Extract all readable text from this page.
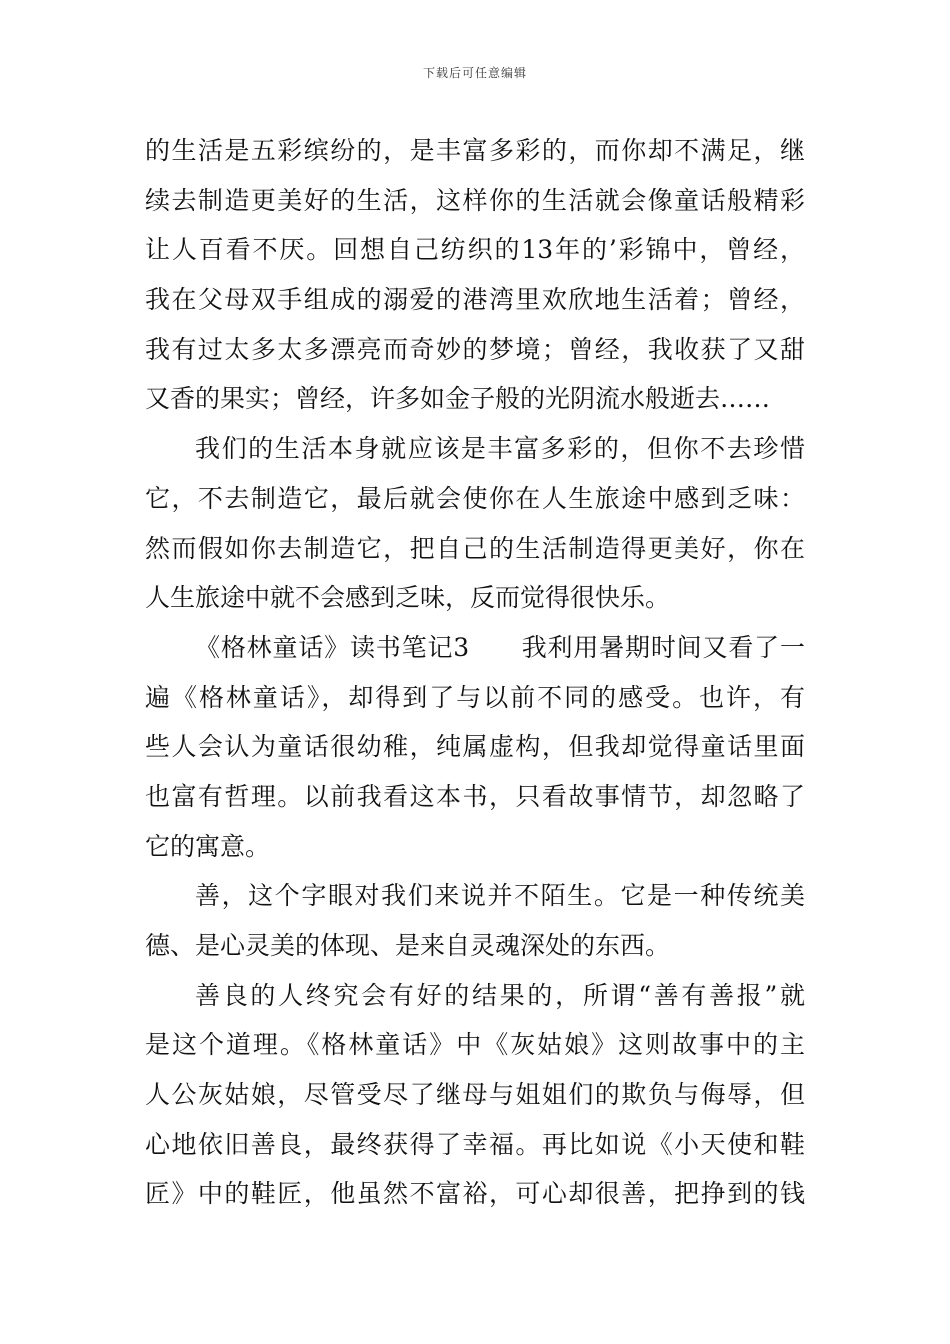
下载后可任意编辑
的生活是五彩缤纷的，是丰富多彩的，而你却不满足，继
续去制造更美好的生活，这样你的生活就会像童话般精彩
让人百看不厌。回想自己纺织的13年的’彩锦中，曾经，
我在父母双手组成的溺爱的港湾里欢欣地生活着；曾经，
我有过太多太多漂亮而奇妙的梦境；曾经，我收获了又甜
又香的果实；曾经，许多如金子般的光阴流水般逝去……
我们的生活本身就应该是丰富多彩的，但你不去珍惜
它，不去制造它，最后就会使你在人生旅途中感到乏味：
然而假如你去制造它，把自己的生活制造得更美好，你在
人生旅途中就不会感到乏味，反而觉得很快乐。
《格林童话》读书笔记3　　我利用暑期时间又看了一
遍《格林童话》，却得到了与以前不同的感受。也许，有
些人会认为童话很幼稚，纯属虚构，但我却觉得童话里面
也富有哲理。以前我看这本书，只看故事情节，却忽略了
它的寓意。
善，这个字眼对我们来说并不陌生。它是一种传统美
德、是心灵美的体现、是来自灵魂深处的东西。
善良的人终究会有好的结果的，所谓“善有善报”就
是这个道理。《格林童话》中《灰姑娘》这则故事中的主
人公灰姑娘，尽管受尽了继母与姐姐们的欺负与侮辱，但
心地依旧善良，最终获得了幸福。再比如说《小天使和鞋
匠》中的鞋匠，他虽然不富裕，可心却很善，把挣到的钱
